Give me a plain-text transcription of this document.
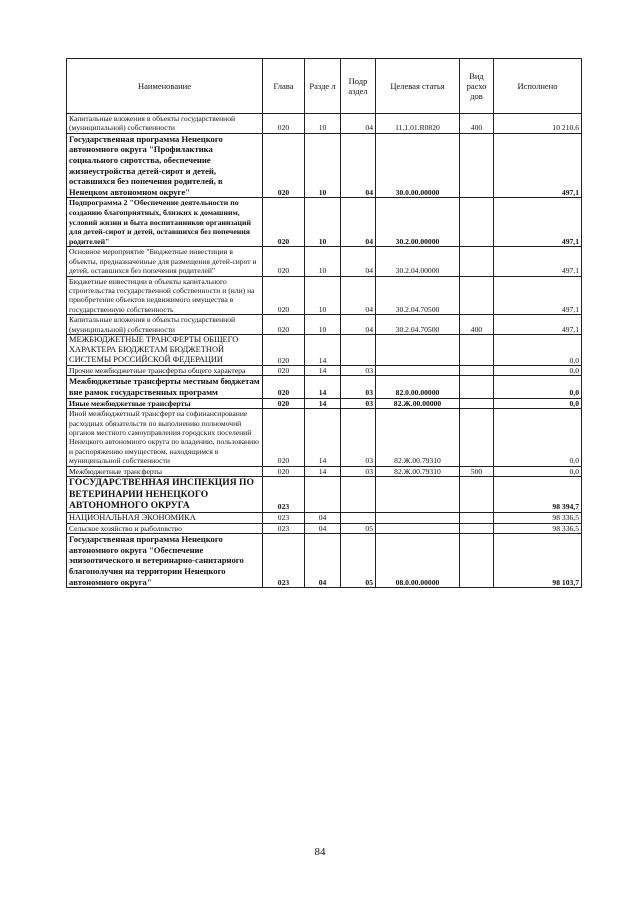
Наименование	Глава	Разде л	Подр аздел	Целевая статья	Вид расхо дов	Исполнено
Капитальные вложения в объекты государственной (муниципальной) собственности	020	10	04	11.1.01.R0820	400	10 210,6
Государственная программа Ненецкого автономного округа "Профилактика социального сиротства, обеспечение жизнеустройства детей-сирот и детей, оставшихся без попечения родителей, в Ненецком автономном округе"	020	10	04	30.0.00.00000		497,1
Подпрограмма 2 "Обеспечение деятельности по созданию благоприятных, близких к домашним, условий жизни и быта воспитанников организаций для детей-сирот и детей, оставшихся без попечения родителей"	020	10	04	30.2.00.00000		497,1
Основное мероприятие "Бюджетные инвестиции в объекты, предназначенные для размещения детей-сирот и детей, оставшихся без попечения родителей"	020	10	04	30.2.04.00000		497,1
Бюджетные инвестиции в объекты капитального строительства государственной собственности и (или) на приобретение объектов недвижимого имущества в государственную собственность	020	10	04	30.2.04.70500		497,1
Капитальные вложения в объекты государственной (муниципальной) собственности	020	10	04	30.2.04.70500	400	497,1
МЕЖБЮДЖЕТНЫЕ ТРАНСФЕРТЫ ОБЩЕГО ХАРАКТЕРА БЮДЖЕТАМ БЮДЖЕТНОЙ СИСТЕМЫ РОССИЙСКОЙ ФЕДЕРАЦИИ	020	14				0,0
Прочие межбюджетные трансферты общего характера	020	14	03			0,0
Межбюджетные трансферты местным бюджетам вне рамок государственных программ	020	14	03	82.0.00.00000		0,0
Иные межбюджетные трансферты	020	14	03	82.Ж.00.00000		0,0
Иной межбюджетный трансферт на софинансирование расходных обязательств по выполнению полномочий органов местного самоуправления городских поселений Ненецкого автономного округа по владению, пользованию и распоряжению имуществом, находящимся в муниципальной собственности	020	14	03	82.Ж.00.79310		0,0
Межбюджетные трансферты	020	14	03	82.Ж.00.79310	500	0,0
ГОСУДАРСТВЕННАЯ ИНСПЕКЦИЯ ПО ВЕТЕРИНАРИИ НЕНЕЦКОГО АВТОНОМНОГО ОКРУГА	023					98 394,7
НАЦИОНАЛЬНАЯ ЭКОНОМИКА	023	04				98 336,5
Сельское хозяйство и рыболовство	023	04	05			98 336,5
Государственная программа Ненецкого автономного округа "Обеспечение эпизоотического и ветеринарно-санитарного благополучия на территории Ненецкого автономного округа"	023	04	05	08.0.00.00000		98 103,7
84
